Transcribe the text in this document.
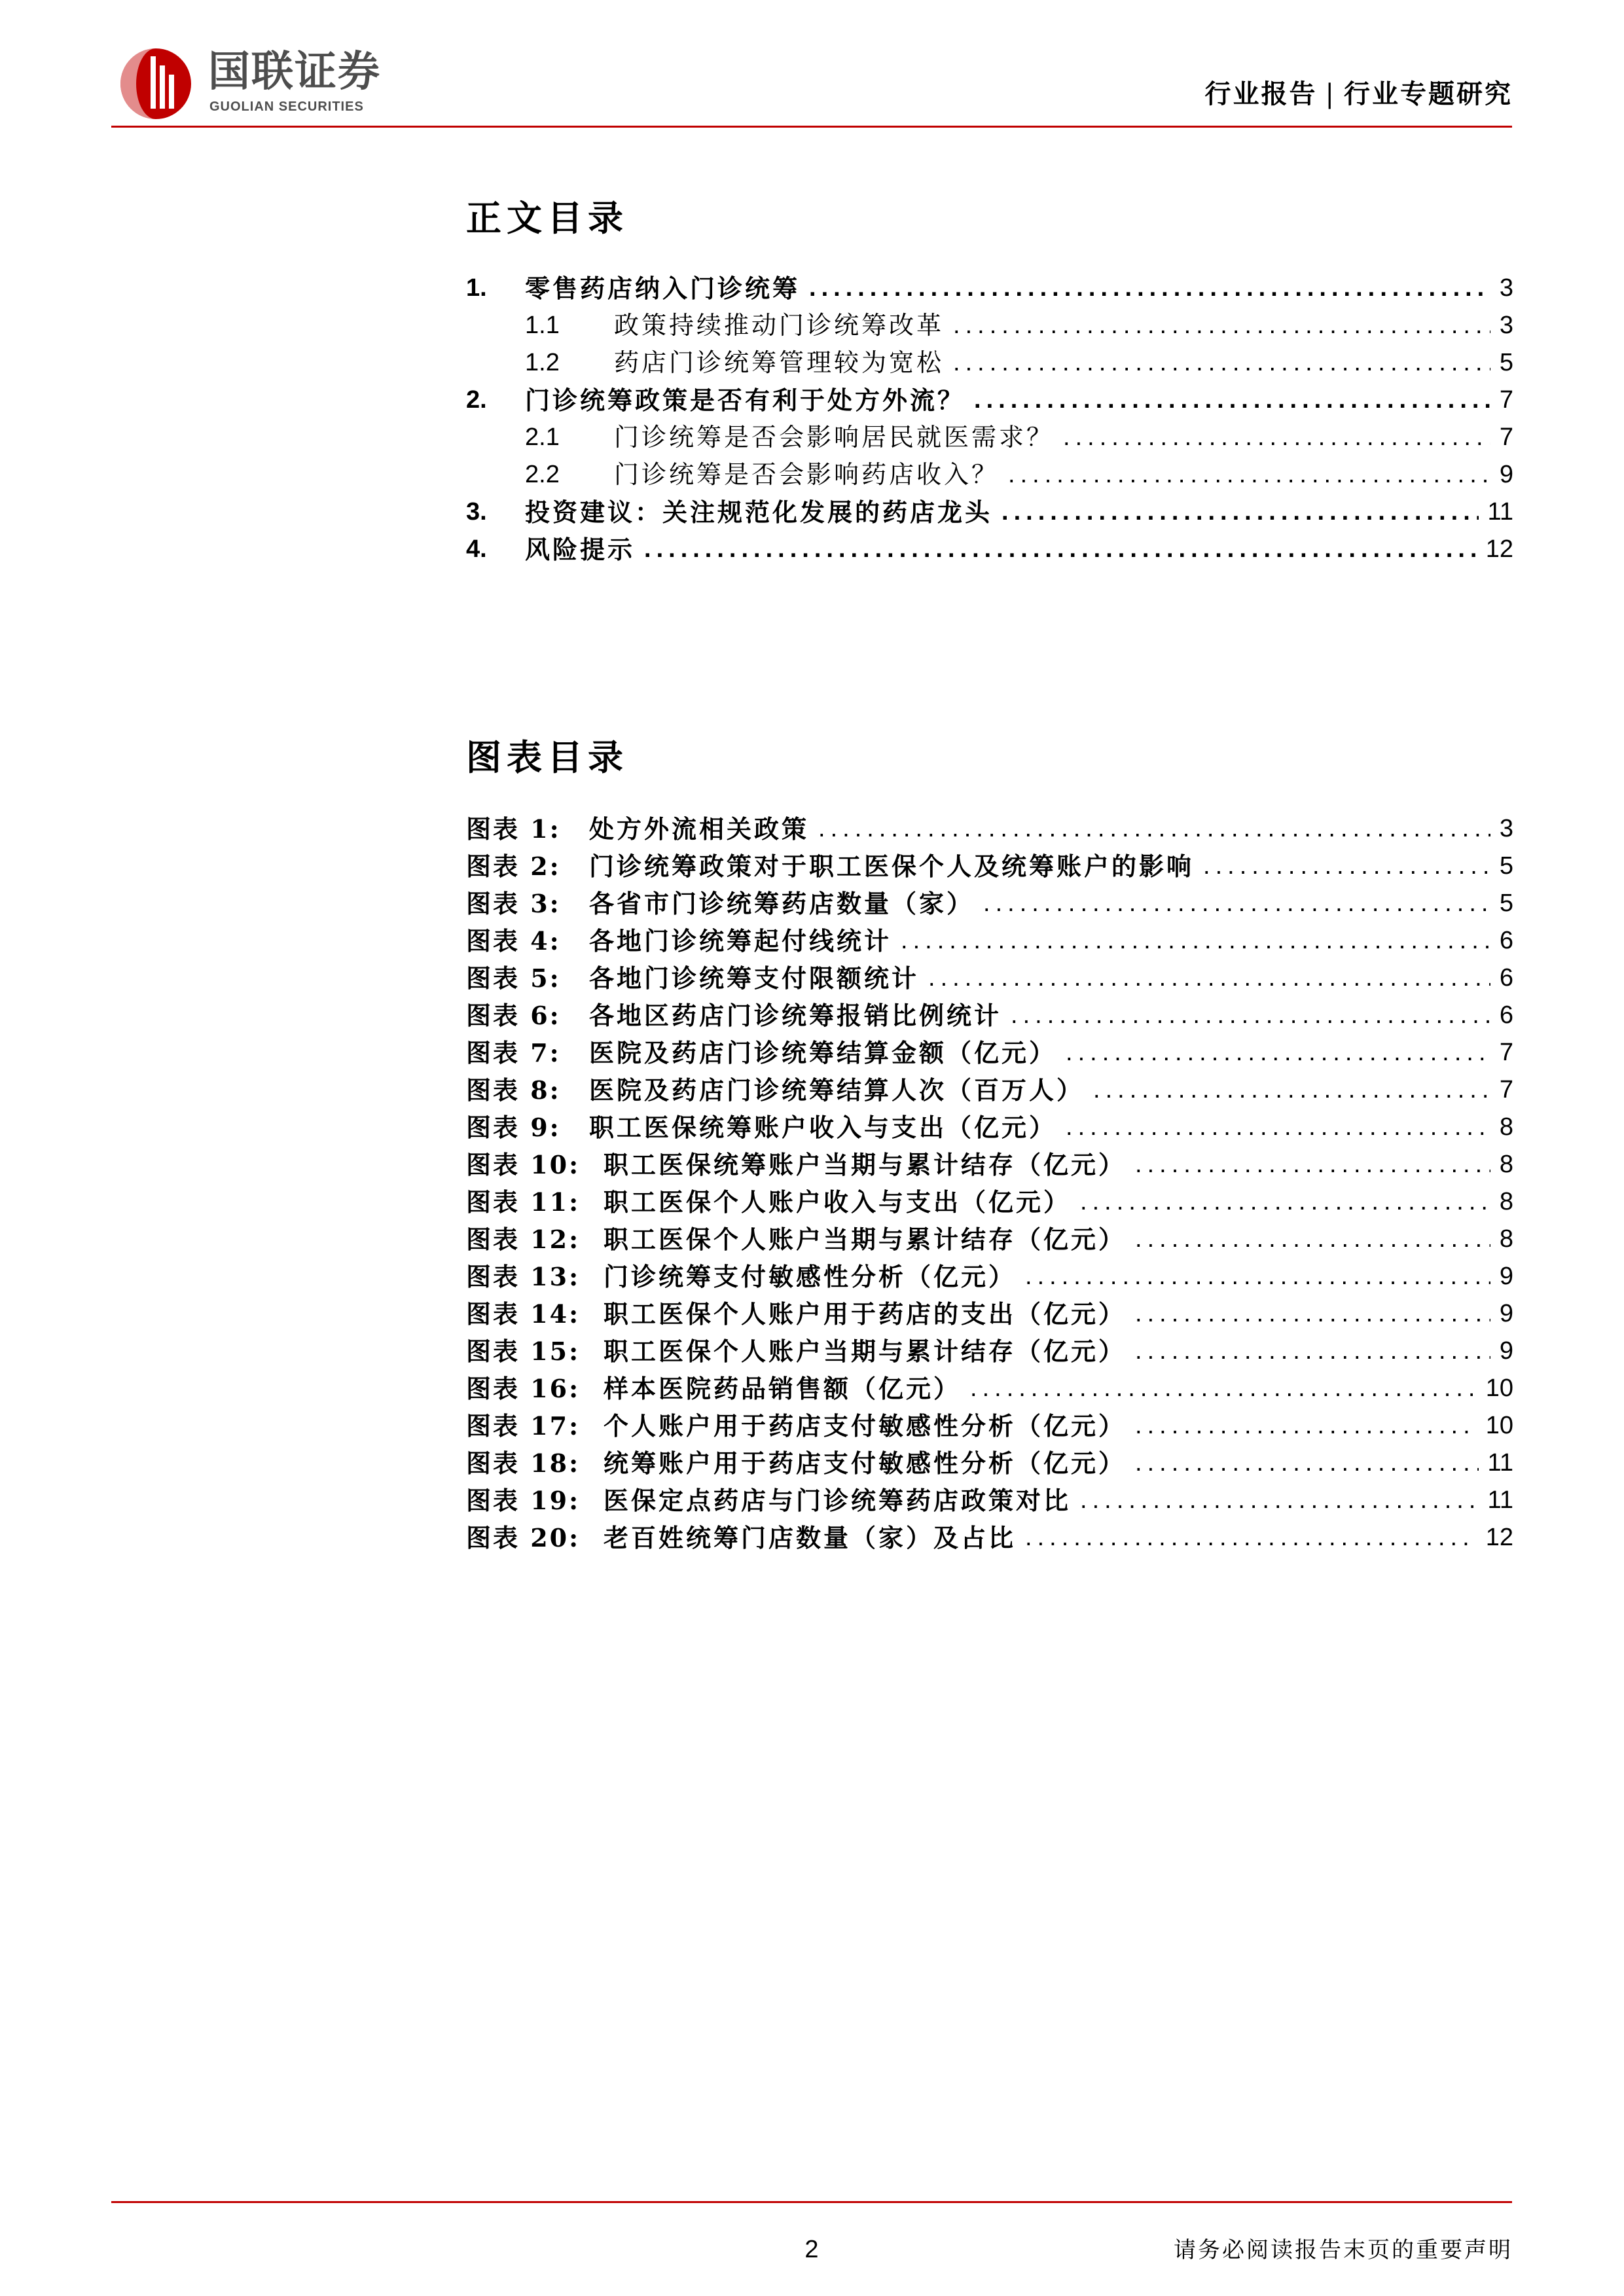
国联证券
GUOLIAN SECURITIES	行业报告 | 行业专题研究
正文目录
1.	零售药店纳入门诊统筹 .....	3
1.1	政策持续推动门诊统筹改革 .....	3
1.2	药店门诊统筹管理较为宽松 .....	5
2.	门诊统筹政策是否有利于处方外流？ .....	7
2.1	门诊统筹是否会影响居民就医需求？ .....	7
2.2	门诊统筹是否会影响药店收入？ .....	9
3.	投资建议：关注规范化发展的药店龙头 .....	11
4.	风险提示 .....	12
图表目录
图表 1:	处方外流相关政策 .....	3
图表 2:	门诊统筹政策对于职工医保个人及统筹账户的影响 .....	5
图表 3:	各省市门诊统筹药店数量（家） .....	5
图表 4:	各地门诊统筹起付线统计 .....	6
图表 5:	各地门诊统筹支付限额统计 .....	6
图表 6:	各地区药店门诊统筹报销比例统计 .....	6
图表 7:	医院及药店门诊统筹结算金额（亿元） .....	7
图表 8:	医院及药店门诊统筹结算人次（百万人） .....	7
图表 9:	职工医保统筹账户收入与支出（亿元） .....	8
图表 10: 职工医保统筹账户当期与累计结存（亿元） .....	8
图表 11: 职工医保个人账户收入与支出（亿元） .....	8
图表 12: 职工医保个人账户当期与累计结存（亿元） .....	8
图表 13: 门诊统筹支付敏感性分析（亿元） .....	9
图表 14: 职工医保个人账户用于药店的支出（亿元） .....	9
图表 15: 职工医保个人账户当期与累计结存（亿元） .....	9
图表 16: 样本医院药品销售额（亿元） .....	10
图表 17: 个人账户用于药店支付敏感性分析（亿元） .....	10
图表 18: 统筹账户用于药店支付敏感性分析（亿元） .....	11
图表 19: 医保定点药店与门诊统筹药店政策对比 .....	11
图表 20: 老百姓统筹门店数量（家）及占比 .....	12
2	请务必阅读报告末页的重要声明
